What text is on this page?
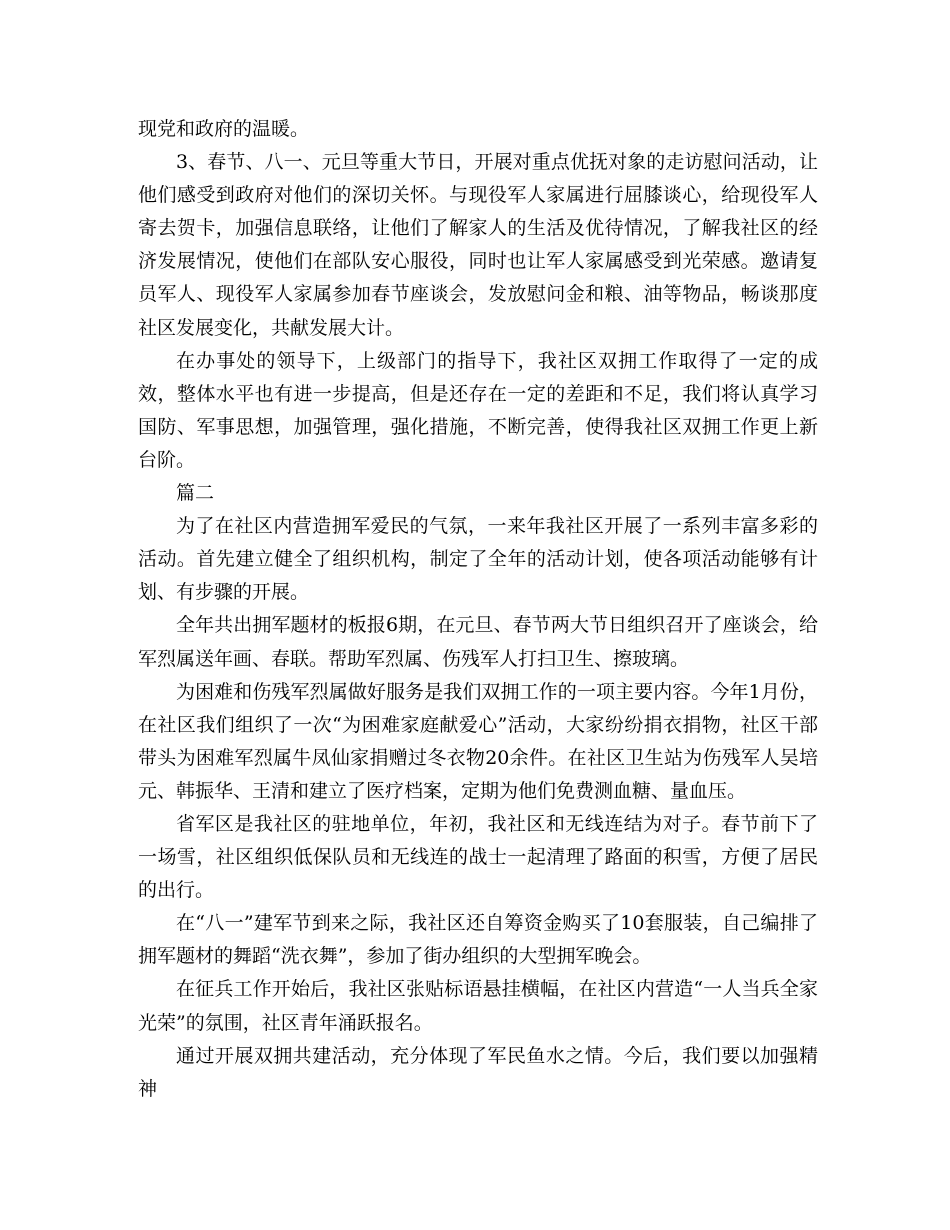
现党和政府的温暖。

3、春节、八一、元旦等重大节日，开展对重点优抚对象的走访慰问活动，让他们感受到政府对他们的深切关怀。与现役军人家属进行屈膝谈心，给现役军人寄去贺卡，加强信息联络，让他们了解家人的生活及优待情况，了解我社区的经济发展情况，使他们在部队安心服役，同时也让军人家属感受到光荣感。邀请复员军人、现役军人家属参加春节座谈会，发放慰问金和粮、油等物品，畅谈那度社区发展变化，共献发展大计。

在办事处的领导下，上级部门的指导下，我社区双拥工作取得了一定的成效，整体水平也有进一步提高，但是还存在一定的差距和不足，我们将认真学习国防、军事思想，加强管理，强化措施，不断完善，使得我社区双拥工作更上新台阶。

篇二

为了在社区内营造拥军爱民的气氛，一来年我社区开展了一系列丰富多彩的活动。首先建立健全了组织机构，制定了全年的活动计划，使各项活动能够有计划、有步骤的开展。

全年共出拥军题材的板报6期，在元旦、春节两大节日组织召开了座谈会，给军烈属送年画、春联。帮助军烈属、伤残军人打扫卫生、擦玻璃。

为困难和伤残军烈属做好服务是我们双拥工作的一项主要内容。今年1月份，在社区我们组织了一次“为困难家庭献爱心”活动，大家纷纷捐衣捐物，社区干部带头为困难军烈属牛凤仙家捐赠过冬衣物20余件。在社区卫生站为伤残军人吴培元、韩振华、王清和建立了医疗档案，定期为他们免费测血糖、量血压。

省军区是我社区的驻地单位，年初，我社区和无线连结为对子。春节前下了一场雪，社区组织低保队员和无线连的战士一起清理了路面的积雪，方便了居民的出行。

在“八一”建军节到来之际，我社区还自筹资金购买了10套服装，自己编排了拥军题材的舞蹈“洗衣舞”，参加了街办组织的大型拥军晚会。

在征兵工作开始后，我社区张贴标语悬挂横幅，在社区内营造“一人当兵全家光荣”的氛围，社区青年涌跃报名。

通过开展双拥共建活动，充分体现了军民鱼水之情。今后，我们要以加强精神
